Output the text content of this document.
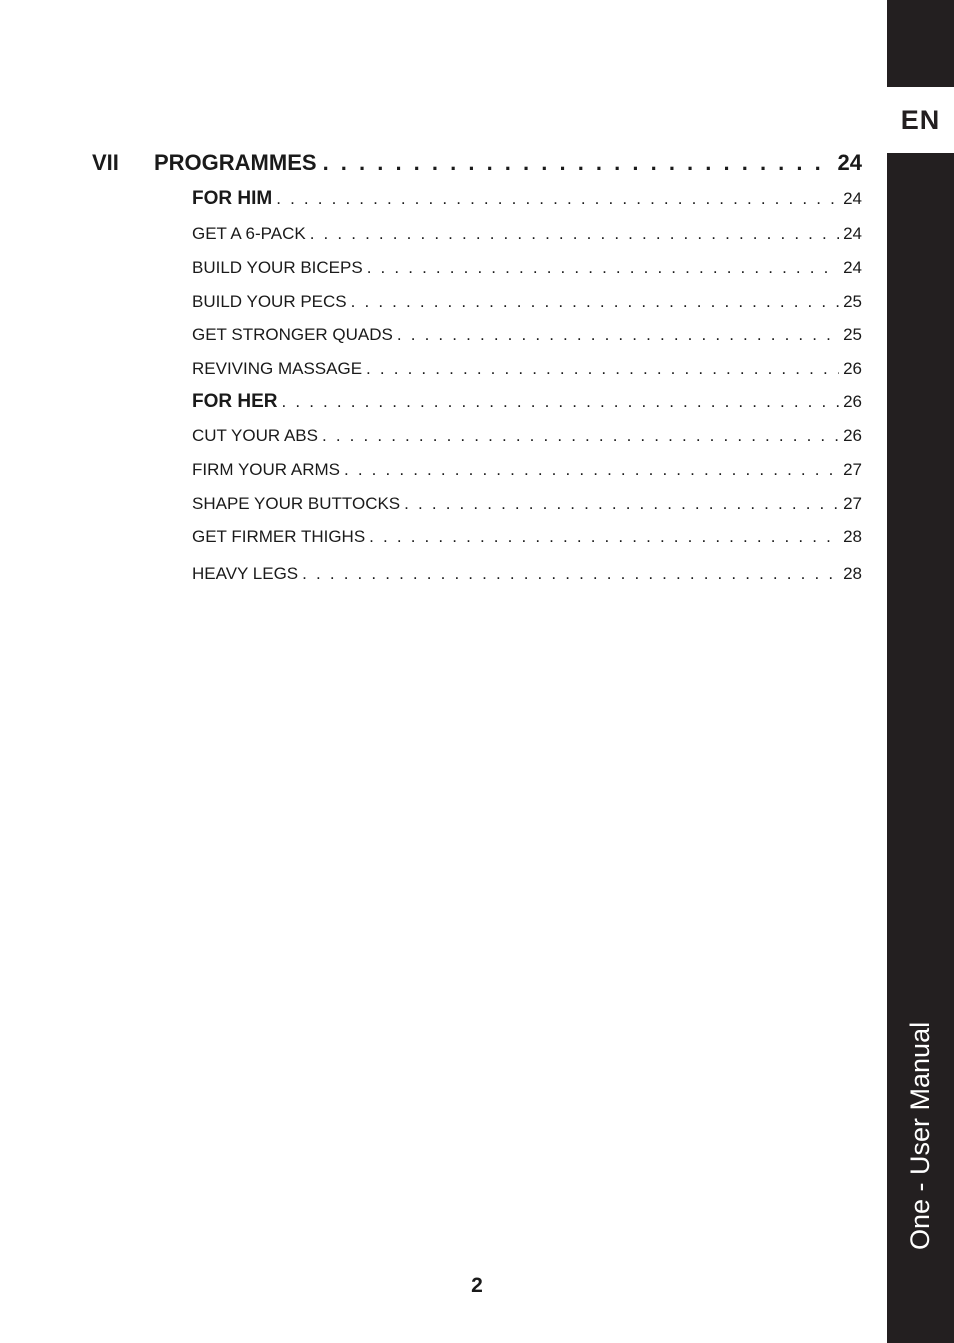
EN
One - User Manual
VII PROGRAMMES . . .	24
FOR HIM . . .	24
GET A 6-PACK . . .	24
BUILD YOUR BICEPS . . .	24
BUILD YOUR PECS . . .	25
GET STRONGER QUADS . . .	25
REVIVING MASSAGE . . .	26
FOR HER . . .	26
CUT YOUR ABS . . .	26
FIRM YOUR ARMS . . .	27
SHAPE YOUR BUTTOCKS . . .	27
GET FIRMER THIGHS . . .	28
HEAVY LEGS . . .	28
2
